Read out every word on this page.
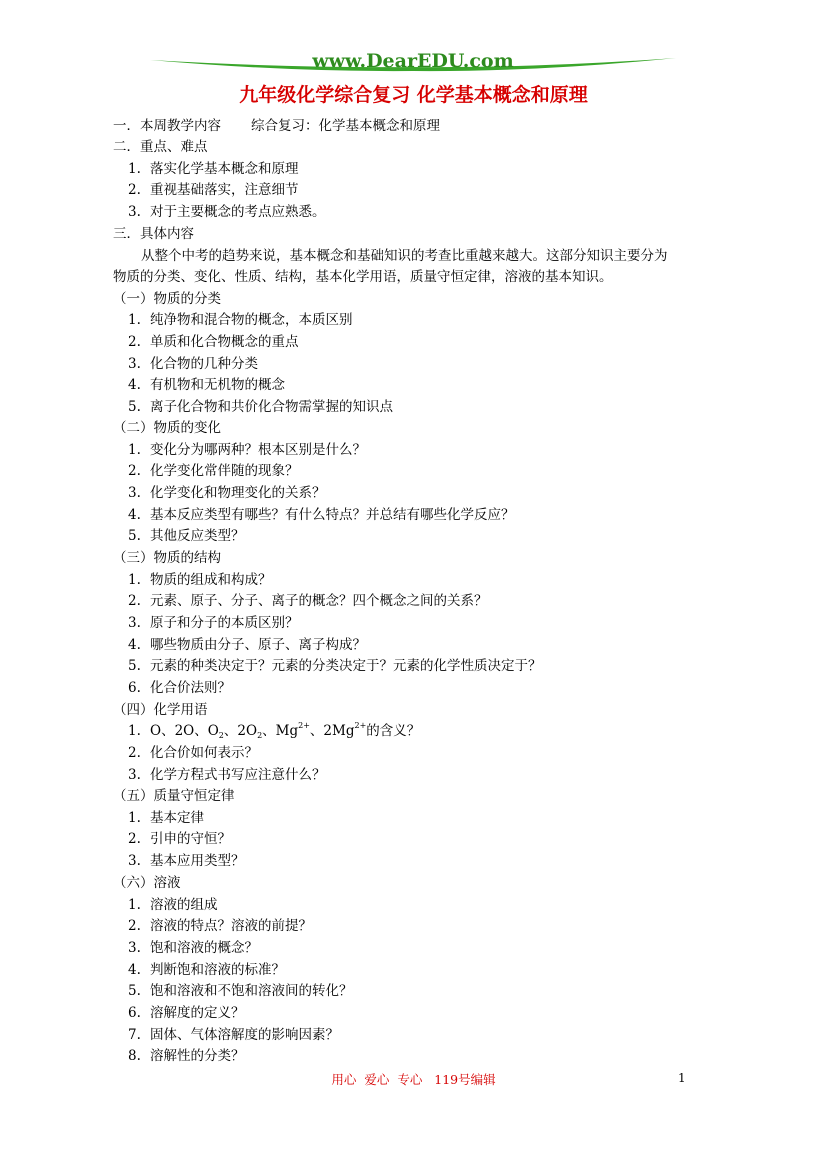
www.DearEDU.com
九年级化学综合复习 化学基本概念和原理
一．本周教学内容 综合复习：化学基本概念和原理
二．重点、难点
1. 落实化学基本概念和原理
2. 重视基础落实，注意细节
3. 对于主要概念的考点应熟悉。
三．具体内容
从整个中考的趋势来说，基本概念和基础知识的考查比重越来越大。这部分知识主要分为
物质的分类、变化、性质、结构，基本化学用语，质量守恒定律，溶液的基本知识。
（一）物质的分类
1. 纯净物和混合物的概念，本质区别
2. 单质和化合物概念的重点
3. 化合物的几种分类
4. 有机物和无机物的概念
5. 离子化合物和共价化合物需掌握的知识点
（二）物质的变化
1. 变化分为哪两种？根本区别是什么？
2. 化学变化常伴随的现象？
3. 化学变化和物理变化的关系？
4. 基本反应类型有哪些？有什么特点？并总结有哪些化学反应？
5. 其他反应类型？
（三）物质的结构
1. 物质的组成和构成？
2. 元素、原子、分子、离子的概念？四个概念之间的关系？
3. 原子和分子的本质区别？
4. 哪些物质由分子、原子、离子构成？
5. 元素的种类决定于？元素的分类决定于？元素的化学性质决定于？
6. 化合价法则？
（四）化学用语
1. O、2O、$O_2$、$2O_2$、$Mg^{2+}$、$2Mg^{2+}$的含义？
2. 化合价如何表示？
3. 化学方程式书写应注意什么？
（五）质量守恒定律
1. 基本定律
2. 引申的守恒？
3. 基本应用类型？
（六）溶液
1. 溶液的组成
2. 溶液的特点？溶液的前提？
3. 饱和溶液的概念？
4. 判断饱和溶液的标准？
5. 饱和溶液和不饱和溶液间的转化？
6. 溶解度的定义？
7. 固体、气体溶解度的影响因素？
8. 溶解性的分类？
用心 爱心 专心 119号编辑	1
